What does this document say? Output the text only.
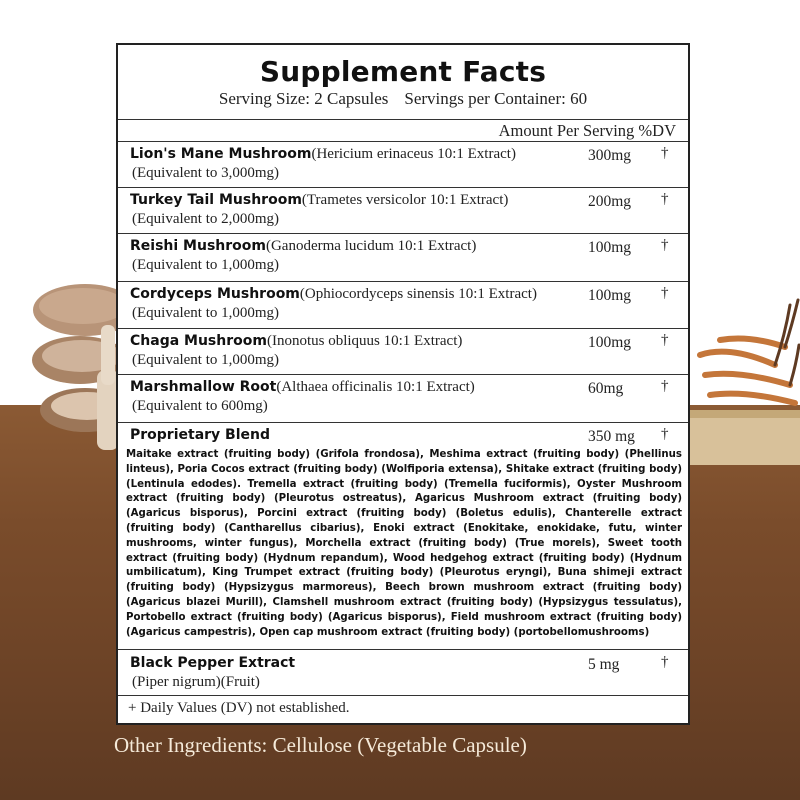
Supplement Facts
Serving Size: 2 Capsules Servings per Container: 60
Amount Per Serving %DV
Lion's Mane Mushroom(Hericium erinaceus 10:1 Extract)
(Equivalent to 3,000mg)
300mg †
Turkey Tail Mushroom(Trametes versicolor 10:1 Extract)
(Equivalent to 2,000mg)
200mg †
Reishi Mushroom(Ganoderma lucidum 10:1 Extract)
(Equivalent to 1,000mg)
100mg †
Cordyceps Mushroom(Ophiocordyceps sinensis 10:1 Extract)
(Equivalent to 1,000mg)
100mg †
Chaga Mushroom(Inonotus obliquus 10:1 Extract)
(Equivalent to 1,000mg)
100mg †
Marshmallow Root(Althaea officinalis 10:1 Extract)
(Equivalent to 600mg)
60mg	†
Proprietary Blend	350 mg †
Maitake extract (fruiting body) (Grifola frondosa), Meshima extract (fruiting body) (Phellinus linteus), Poria Cocos extract (fruiting body) (Wolfiporia extensa), Shitake extract (fruiting body) (Lentinula edodes). Tremella extract (fruiting body) (Tremella fuciformis), Oyster Mushroom extract (fruiting body) (Pleurotus ostreatus), Agaricus Mushroom extract (fruiting body) (Agaricus bisporus), Porcini extract (fruiting body) (Boletus edulis), Chanterelle extract (fruiting body) (Cantharellus cibarius), Enoki extract (Enokitake, enokidake, futu, winter mushrooms, winter fungus), Morchella extract (fruiting body) (True morels), Sweet tooth extract (fruiting body) (Hydnum repandum), Wood hedgehog extract (fruiting body) (Hydnum umbilicatum), King Trumpet extract (fruiting body) (Pleurotus eryngi), Buna shimeji extract (fruiting body) (Hypsizygus marmoreus), Beech brown mushroom extract (fruiting body) (Agaricus blazei Murill), Clamshell mushroom extract (fruiting body) (Hypsizygus tessulatus), Portobello extract (fruiting body) (Agaricus bisporus), Field mushroom extract (fruiting body) (Agaricus campestris), Open cap mushroom extract (fruiting body) (portobellomushrooms)
Black Pepper Extract
(Piper nigrum)(Fruit)
5 mg	†
+ Daily Values (DV) not established.
Other Ingredients: Cellulose (Vegetable Capsule)
